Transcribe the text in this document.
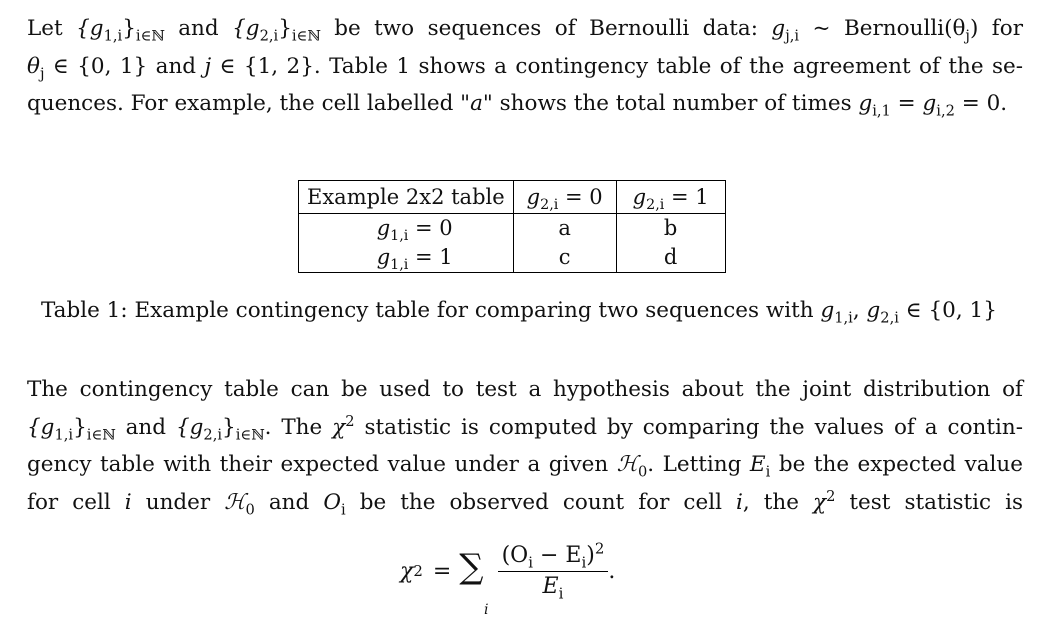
Let $\{g_{1,i}\}_{i\in ℕ}$ and $\{g_{2,i}\}_{i\in ℕ}$ be two sequences of Bernoulli data: $g_{j,i}$ ~ $Bernoulli(\theta_j)$ for
$\theta_j$ ∈ {0, 1} and j ∈ {1, 2}. Table 1 shows a contingency table of the agreement of the se-
quences. For example, the cell labelled "a" shows the total number of times $g_{i,1} = g_{i,2} = 0$.
Example 2x2 table	$g_{2,i} = 0$	$g_{2,i} = 1$
$g_{1,i} = 0$	a	b
$g_{1,i} = 1$	c	d
Table 1: Example contingency table for comparing two sequences with $g_{1,i}$, $g_{2,i}$ ∈ {0, 1}
The contingency table can be used to test a hypothesis about the joint distribution of
$\{g_{1,i}\}_{i\in ℕ}$ and $\{g_{2,i}\}_{i\in ℕ}$. The $\chi^2$ statistic is computed by comparing the values of a contin-
gency table with their expected value under a given ℋ$_0$. Letting $E_i$ be the expected value
for cell i under ℋ$_0$ and $O_i$ be the observed count for cell i, the $\chi^2$ test statistic is
χ 2 = ∑ $\frac{(O_i - E_i)^2}{E_i}$ .
i
